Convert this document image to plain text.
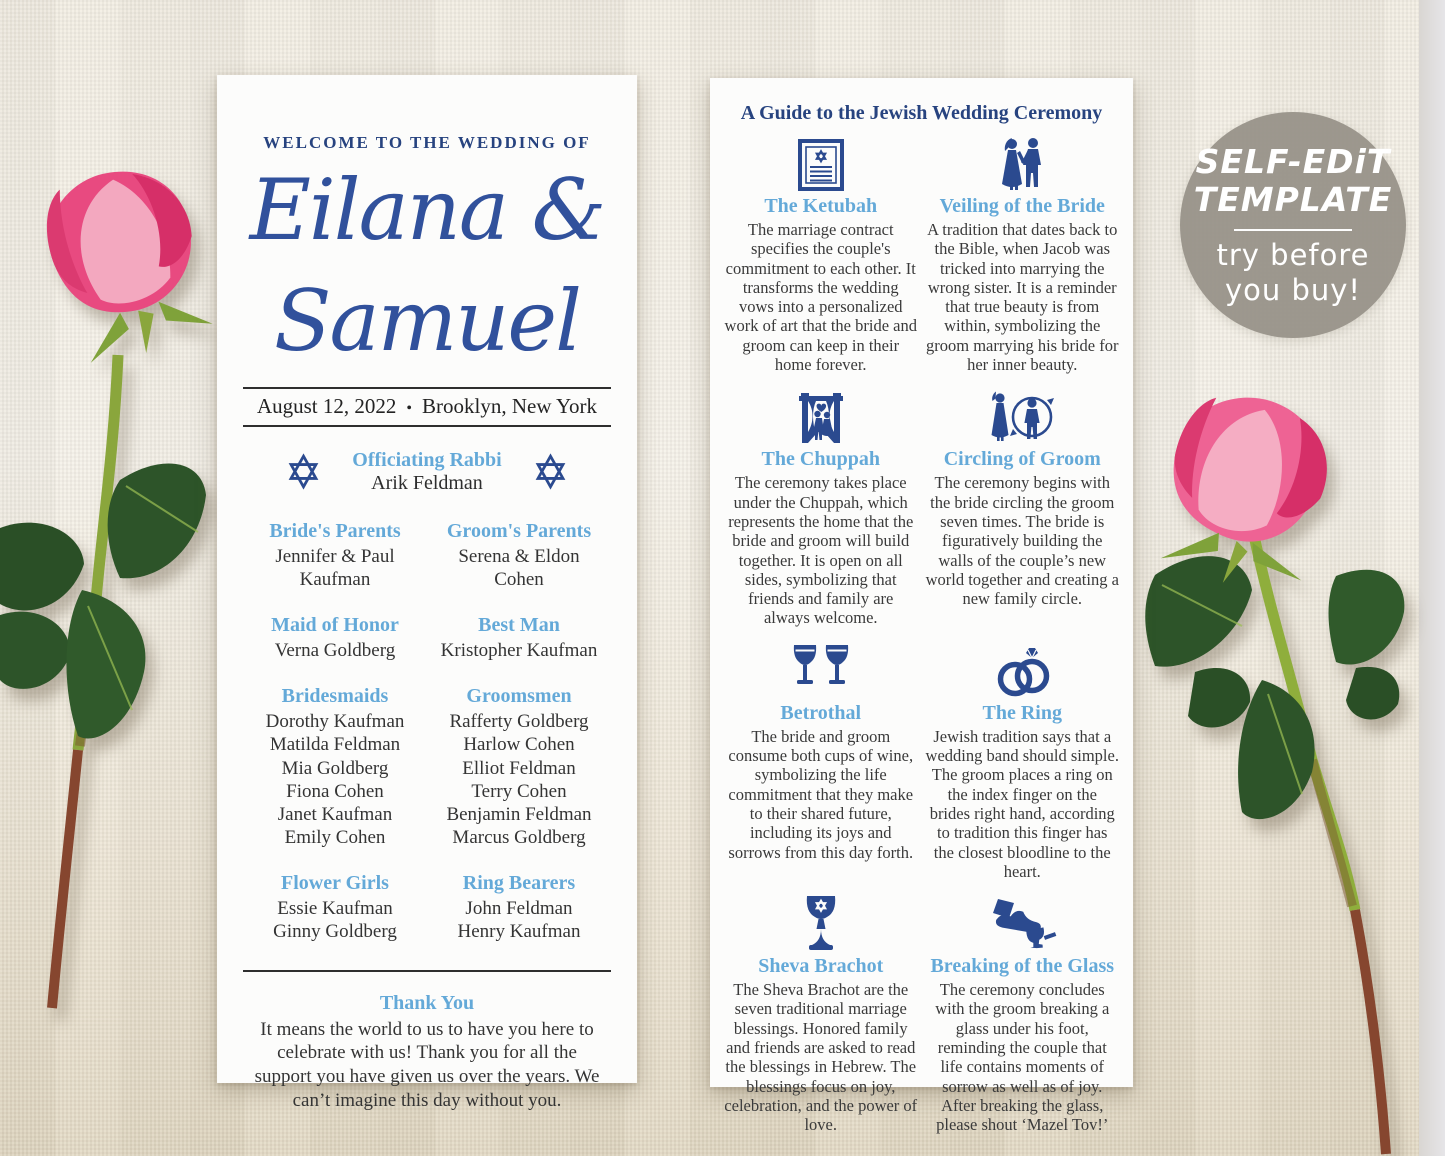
WELCOME TO THE WEDDING OF
Eilana &
Samuel
August 12, 2022 • Brooklyn, New York
Officiating Rabbi
Arik Feldman
Bride's Parents
Jennifer & Paul
Kaufman
Groom's Parents
Serena & Eldon
Cohen
Maid of Honor
Verna Goldberg
Best Man
Kristopher Kaufman
Bridesmaids
Dorothy Kaufman
Matilda Feldman
Mia Goldberg
Fiona Cohen
Janet Kaufman
Emily Cohen
Groomsmen
Rafferty Goldberg
Harlow Cohen
Elliot Feldman
Terry Cohen
Benjamin Feldman
Marcus Goldberg
Flower Girls
Essie Kaufman
Ginny Goldberg
Ring Bearers
John Feldman
Henry Kaufman
Thank You
It means the world to us to have you here to celebrate with us! Thank you for all the support you have given us over the years. We can’t imagine this day without you.
A Guide to the Jewish Wedding Ceremony
The Ketubah
The marriage contract specifies the couple's commitment to each other. It transforms the wedding vows into a personalized work of art that the bride and groom can keep in their home forever.
Veiling of the Bride
A tradition that dates back to the Bible, when Jacob was tricked into marrying the wrong sister. It is a reminder that true beauty is from within, symbolizing the groom marrying his bride for her inner beauty.
The Chuppah
The ceremony takes place under the Chuppah, which represents the home that the bride and groom will build together. It is open on all sides, symbolizing that friends and family are always welcome.
Circling of Groom
The ceremony begins with the bride circling the groom seven times. The bride is figuratively building the walls of the couple’s new world together and creating a new family circle.
Betrothal
The bride and groom consume both cups of wine, symbolizing the life commitment that they make to their shared future, including its joys and sorrows from this day forth.
The Ring
Jewish tradition says that a wedding band should simple. The groom places a ring on the index finger on the brides right hand, according to tradition this finger has the closest bloodline to the heart.
Sheva Brachot
The Sheva Brachot are the seven traditional marriage blessings. Honored family and friends are asked to read the blessings in Hebrew. The blessings focus on joy, celebration, and the power of love.
Breaking of the Glass
The ceremony concludes with the groom breaking a glass under his foot, reminding the couple that life contains moments of sorrow as well as of joy. After breaking the glass, please shout ‘Mazel Tov!’
SELF-EDiT
TEMPLATE
try before
you buy!
